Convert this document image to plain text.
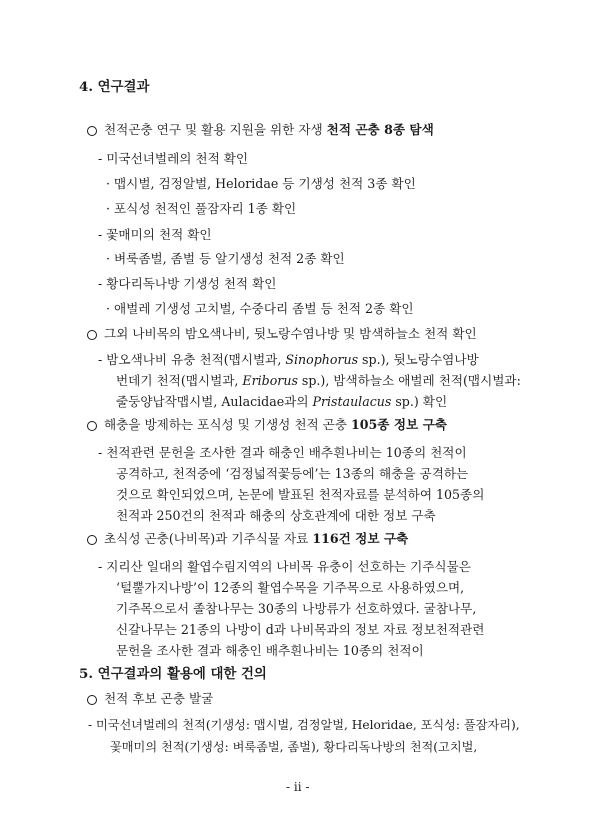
4. 연구결과
천적곤충 연구 및 활용 지원을 위한 자생 천적 곤충 8종 탐색
- 미국선녀벌레의 천적 확인
· 맵시벌, 검정알벌, Heloridae 등 기생성 천적 3종 확인
· 포식성 천적인 풀잠자리 1종 확인
- 꽃매미의 천적 확인
· 벼룩좀벌, 좀벌 등 알기생성 천적 2종 확인
- 황다리독나방 기생성 천적 확인
· 애벌레 기생성 고치벌, 수중다리 좀벌 등 천적 2종 확인
그외 나비목의 밤오색나비, 뒷노랑수염나방 및 밤색하늘소 천적 확인
- 밤오색나비 유충 천적(맵시벌과, Sinophorus sp.), 뒷노랑수염나방
번데기 천적(맵시벌과, Eriborus sp.), 밤색하늘소 애벌레 천적(맵시벌과:
줄둥양납작맵시벌, Aulacidae과의 Pristaulacus sp.) 확인
해충을 방제하는 포식성 및 기생성 천적 곤충 105종 정보 구축
- 천적관련 문헌을 조사한 결과 해충인 배추흰나비는 10종의 천적이
공격하고, 천적중에 ‘검정넓적꽃등에’는 13종의 해충을 공격하는
것으로 확인되었으며, 논문에 발표된 천적자료를 분석하여 105종의
천적과 250건의 천적과 해충의 상호관계에 대한 정보 구축
초식성 곤충(나비목)과 기주식물 자료 116건 정보 구축
- 지리산 일대의 활엽수림지역의 나비목 유충이 선호하는 기주식물은
‘털뿔가지나방’이 12종의 활엽수목을 기주목으로 사용하였으며,
기주목으로서 졸참나무는 30종의 나방류가 선호하였다. 굴참나무,
신갈나무는 21종의 나방이 d과 나비목과의 정보 자료 정보천적관련
문헌을 조사한 결과 해충인 배추흰나비는 10종의 천적이
5. 연구결과의 활용에 대한 건의
천적 후보 곤충 발굴
- 미국선녀벌레의 천적(기생성: 맵시벌, 검정알벌, Heloridae, 포식성: 풀잠자리),
꽃매미의 천적(기생성: 벼룩좀벌, 좀벌), 황다리독나방의 천적(고치벌,
- ii -
